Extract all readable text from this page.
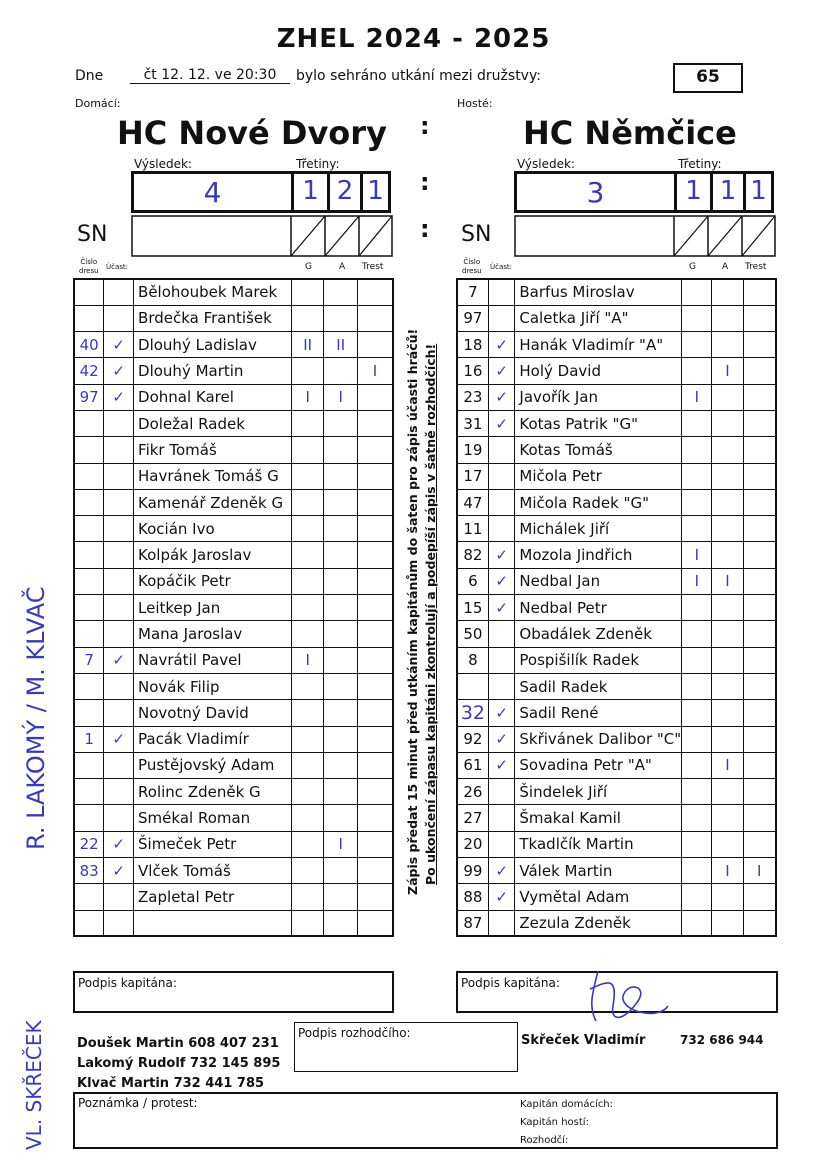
ZHEL 2024 - 2025
Dne	čt 12. 12. ve 20:30	bylo sehráno utkání mezi družstvy:	65
Domácí:	Hosté:
HC Nové Dvory	HC Němčice
:
:
:
Výsledek:	Třetiny:	Výsledek:	Třetiny:
4	1 2 1	3	1 1 1
SN	SN
Číslo
dresu Účast:	G	A Trest	Číslo
dresu Účast:	G	A Trest
		Bělohoubek Marek			
		Brdečka František			
40	✓	Dlouhý Ladislav	II	II	
42	✓	Dlouhý Martin			I
97	✓	Dohnal Karel	I	I	
		Doležal Radek			
		Fikr Tomáš			
		Havránek Tomáš G			
		Kamenář Zdeněk G			
		Kocián Ivo			
		Kolpák Jaroslav			
		Kopáčik Petr			
		Leitkep Jan			
		Mana Jaroslav			
7	✓	Navrátil Pavel	I		
		Novák Filip			
		Novotný David			
1	✓	Pacák Vladimír			
		Pustějovský Adam			
		Rolinc Zdeněk G			
		Smékal Roman			
22	✓	Šimeček Petr		I	
83	✓	Vlček Tomáš			
		Zapletal Petr			

7		Barfus Miroslav			
97		Caletka Jiří "A"			
18	✓	Hanák Vladimír "A"			
16	✓	Holý David		I	
23	✓	Javořík Jan	I		
31	✓	Kotas Patrik "G"			
19		Kotas Tomáš			
17		Mičola Petr			
47		Mičola Radek "G"			
11		Michálek Jiří			
82	✓	Mozola Jindřich	I		
6	✓	Nedbal Jan	I	I	
15	✓	Nedbal Petr			
50		Obadálek Zdeněk			
8		Pospišilík Radek			
		Sadil Radek			
32	✓	Sadil René			
92	✓	Skřivánek Dalibor "C"			
61	✓	Sovadina Petr "A"		I	
26		Šindelek Jiří			
27		Šmakal Kamil			
20		Tkadlčík Martin			
99	✓	Válek Martin		I	I
88	✓	Vymětal Adam			
87		Zezula Zdeněk			
Zápis předat 15 minut před utkáním kapitánům do šaten pro zápis účasti hráčů! Po ukončení zápasu kapitáni zkontrolují a podepíší zápis v šatně rozhodčích!
R. LAKOMÝ / M. KLVAČ
VL. SKŘEČEK
Podpis kapitána:	Podpis kapitána:
Doušek Martin 608 407 231
Lakomý Rudolf 732 145 895
Klvač Martin 732 441 785
Podpis rozhodčího:	Skřeček Vladimír	732 686 944
Poznámka / protest:	Kapitán domácích:
Kapitán hostí:
Rozhodčí:
